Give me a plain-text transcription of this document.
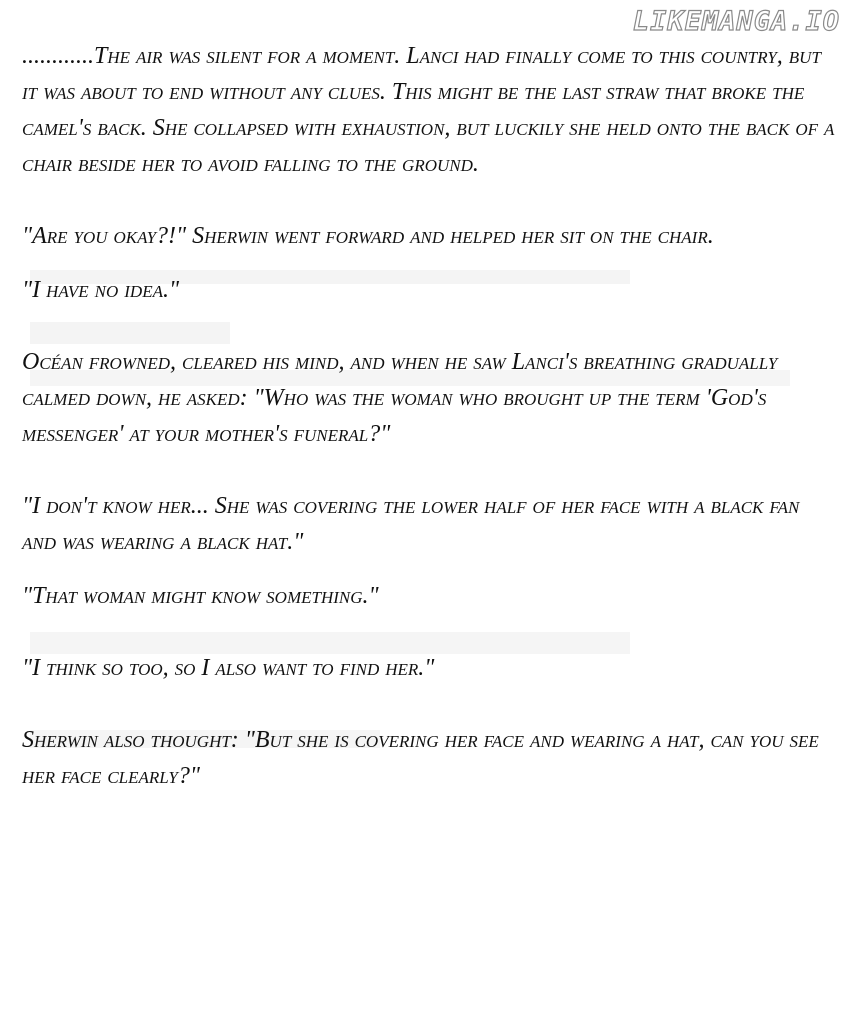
LIKEMANGA.IO

............The air was silent for a moment. Lanci had finally come to this country, but it was about to end without any clues. This might be the last straw that broke the camel's back. She collapsed with exhaustion, but luckily she held onto the back of a chair beside her to avoid falling to the ground.

"Are you okay?!" Sherwin went forward and helped her sit on the chair.

"I have no idea."

Océan frowned, cleared his mind, and when he saw Lanci's breathing gradually calmed down, he asked: "Who was the woman who brought up the term 'God's messenger' at your mother's funeral?"

"I don't know her... She was covering the lower half of her face with a black fan and was wearing a black hat."

"That woman might know something."

"I think so too, so I also want to find her."

Sherwin also thought: "But she is covering her face and wearing a hat, can you see her face clearly?"
